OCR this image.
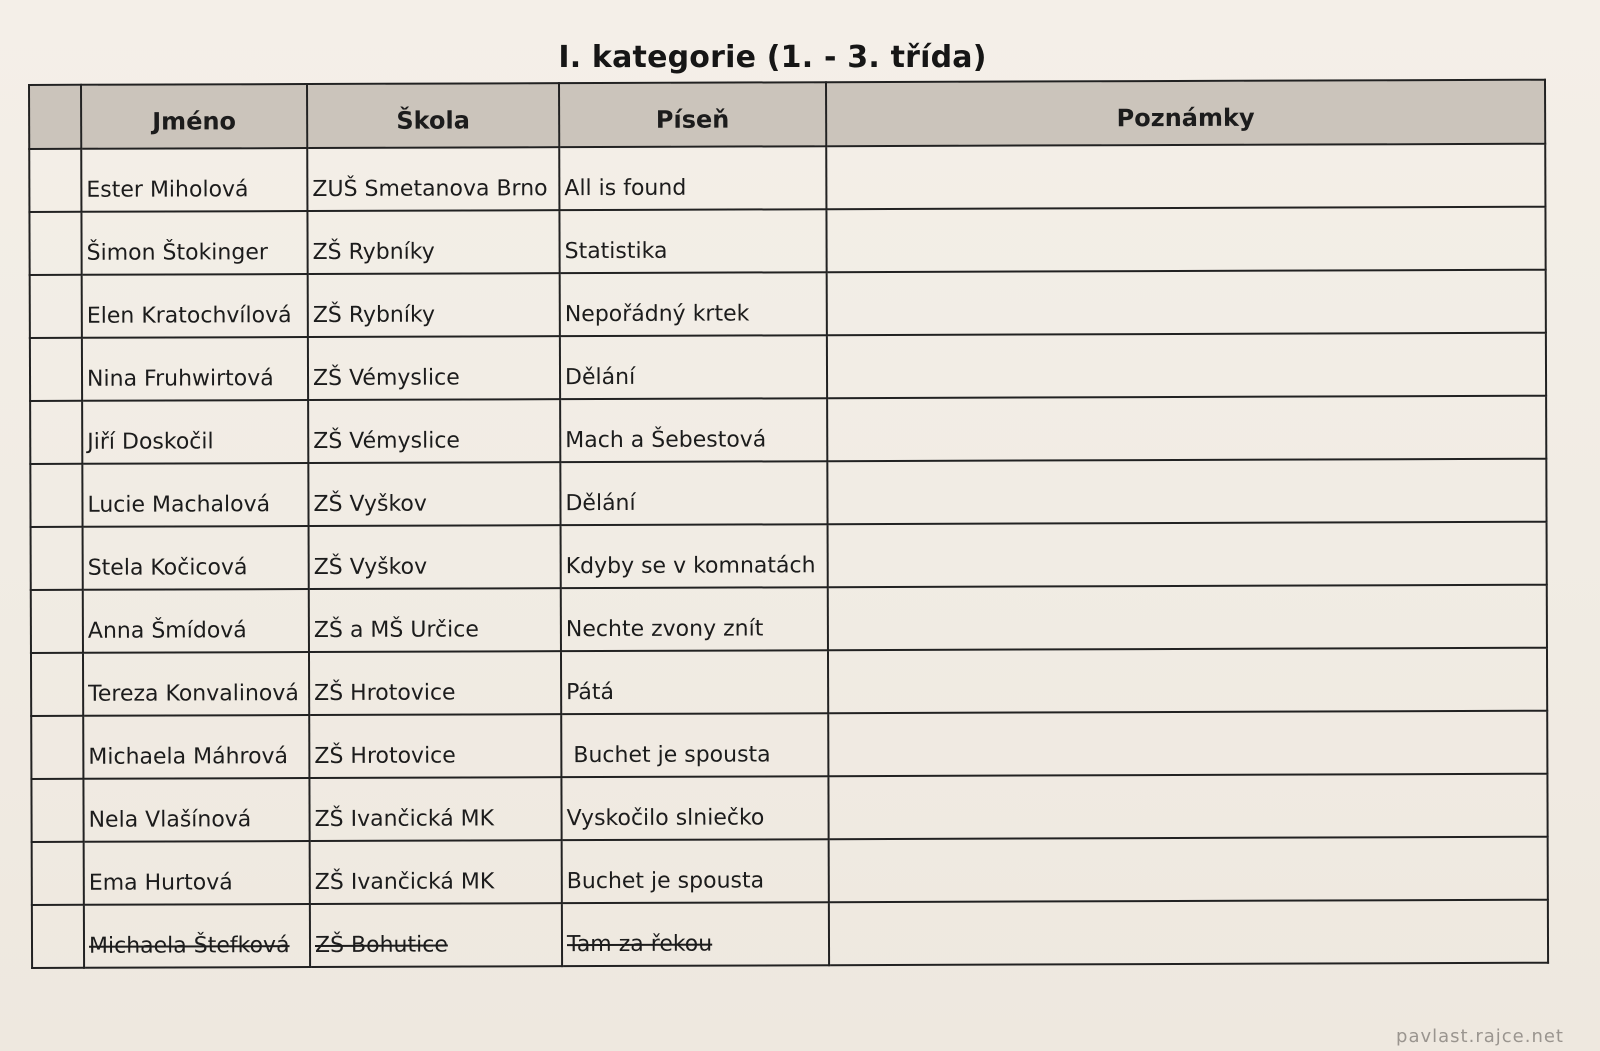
I. kategorie (1. - 3. třída)
	Jméno	Škola	Píseň	Poznámky
	Ester Miholová	ZUŠ Smetanova Brno	All is found	
	Šimon Štokinger	ZŠ Rybníky	Statistika	
	Elen Kratochvílová	ZŠ Rybníky	Nepořádný krtek	
	Nina Fruhwirtová	ZŠ Vémyslice	Dělání	
	Jiří Doskočil	ZŠ Vémyslice	Mach a Šebestová	
	Lucie Machalová	ZŠ Vyškov	Dělání	
	Stela Kočicová	ZŠ Vyškov	Kdyby se v komnatách	
	Anna Šmídová	ZŠ a MŠ Určice	Nechte zvony znít	
	Tereza Konvalinová	ZŠ Hrotovice	Pátá	
	Michaela Máhrová	ZŠ Hrotovice	Buchet je spousta	
	Nela Vlašínová	ZŠ Ivančická MK	Vyskočilo slniečko	
	Ema Hurtová	ZŠ Ivančická MK	Buchet je spousta	
	Michaela Štefková	ZŠ Bohutice	Tam za řekou	
pavlast.rajce.net
